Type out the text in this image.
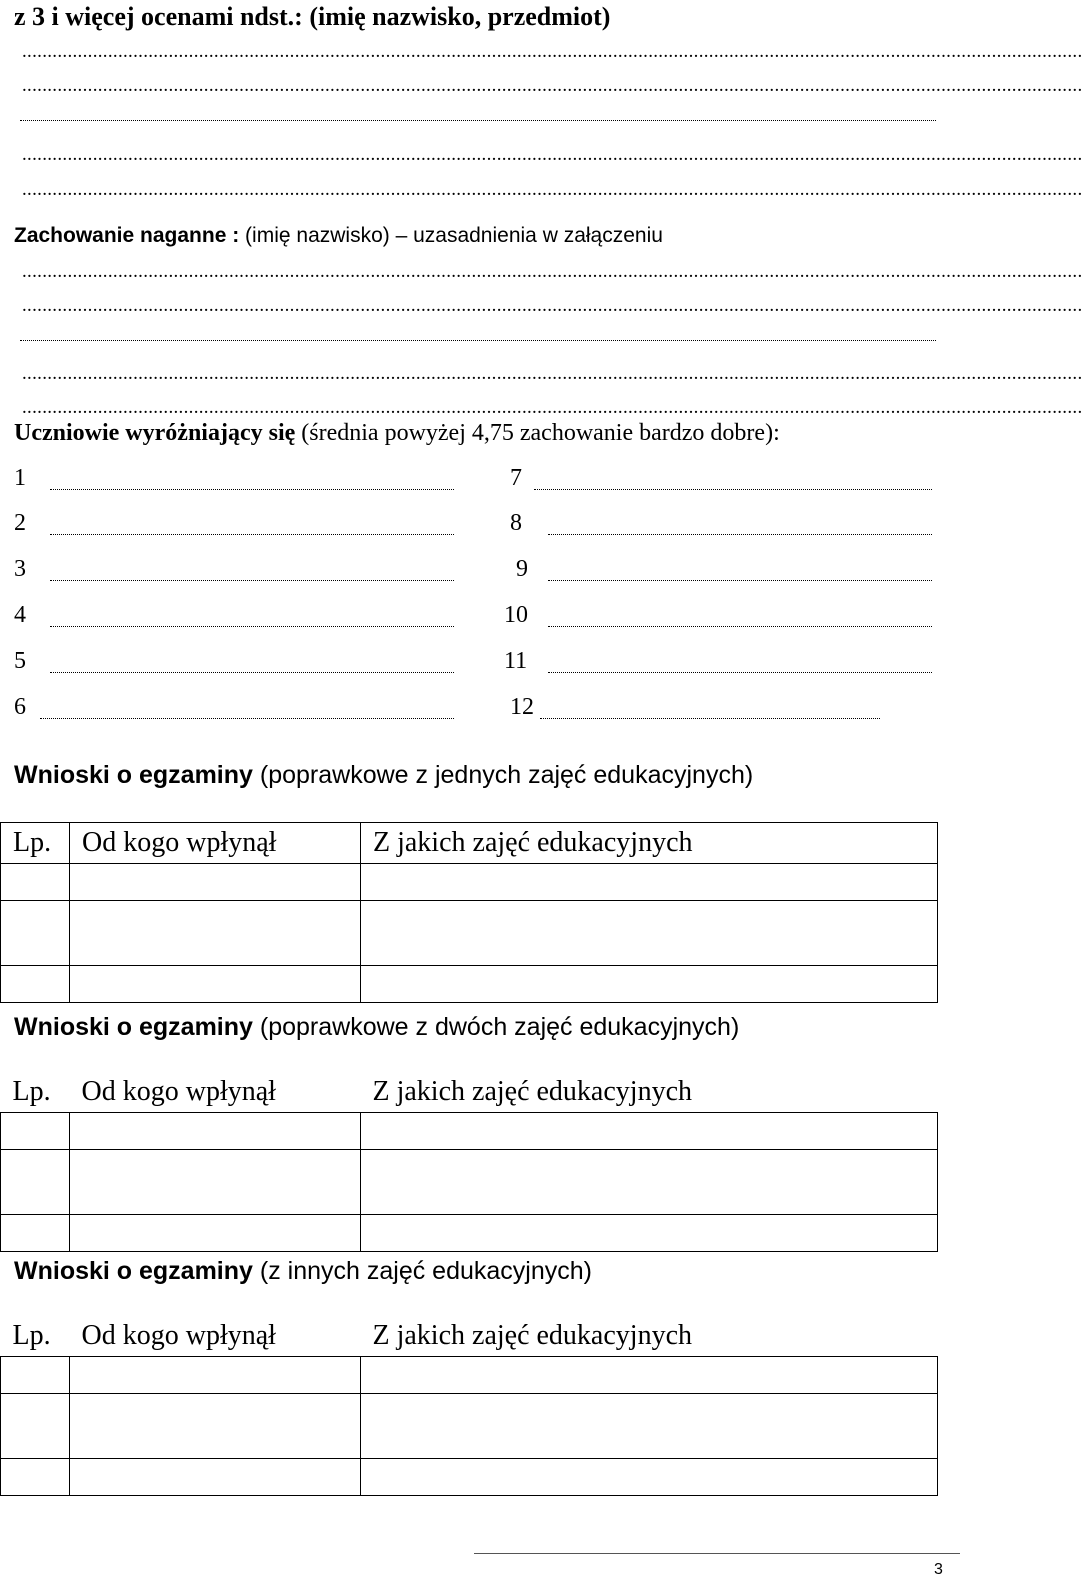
z 3 i więcej ocenami ndst.: (imię nazwisko, przedmiot)
..................................................................................................................................................................................................................
..................................................................................................................................................................................................................
..................................................................................................................................................................................................................
..................................................................................................................................................................................................................
Zachowanie naganne : (imię nazwisko) – uzasadnienia w załączeniu
..................................................................................................................................................................................................................
..................................................................................................................................................................................................................
..................................................................................................................................................................................................................
..................................................................................................................................................................................................................
Uczniowie wyróżniający się (średnia powyżej 4,75 zachowanie bardzo dobre):
1	7
2	8
3	9
4	10
5	11
6	12
Wnioski o egzaminy (poprawkowe z jednych zajęć edukacyjnych)
Lp.	Od kogo wpłynął	Z jakich zajęć edukacyjnych

Wnioski o egzaminy (poprawkowe z dwóch zajęć edukacyjnych)
Lp.	Od kogo wpłynął	Z jakich zajęć edukacyjnych

Wnioski o egzaminy (z innych zajęć edukacyjnych)
Lp.	Od kogo wpłynął	Z jakich zajęć edukacyjnych

3
